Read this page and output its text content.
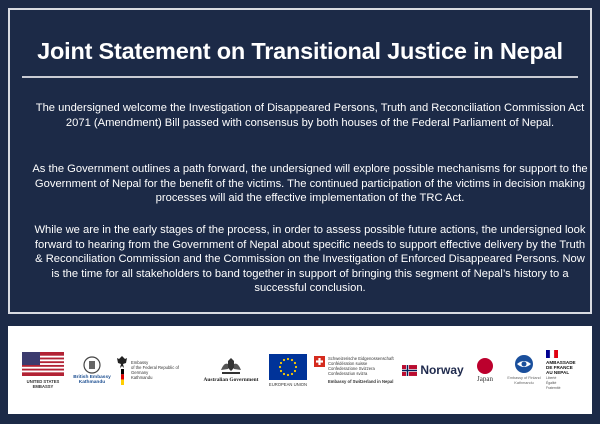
Joint Statement on Transitional Justice in Nepal
The undersigned welcome the Investigation of Disappeared Persons, Truth and Reconciliation Commission Act 2071 (Amendment) Bill passed with consensus by both houses of the Federal Parliament of Nepal.
As the Government outlines a path forward, the undersigned will explore possible mechanisms for support to the Government of Nepal for the benefit of the victims. The continued participation of the victims in decision making processes will aid the effective implementation of the TRC Act.
While we are in the early stages of the process, in order to assess possible future actions, the undersigned look forward to hearing from the Government of Nepal about specific needs to support effective delivery by the Truth & Reconciliation Commission and the Commission on the Investigation of Enforced Disappeared Persons. Now is the time for all stakeholders to band together in support of bringing this segment of Nepal’s history to a successful conclusion.
UNITED STATES EMBASSY
British Embassy
Kathmandu
Embassy
of the Federal Republic of Germany
Kathmandu	Australian Government
EUROPEAN UNION
Schweizerische Eidgenossenschaft
Confédération suisse
Confederazione Svizzera
Confederaziun svizra
Embassy of Switzerland in Nepal
Norway
Japan	Embassy of Finland Kathmandu
AMBASSADE
DE FRANCE
AU NEPAL
Liberté
Égalité
Fraternité
